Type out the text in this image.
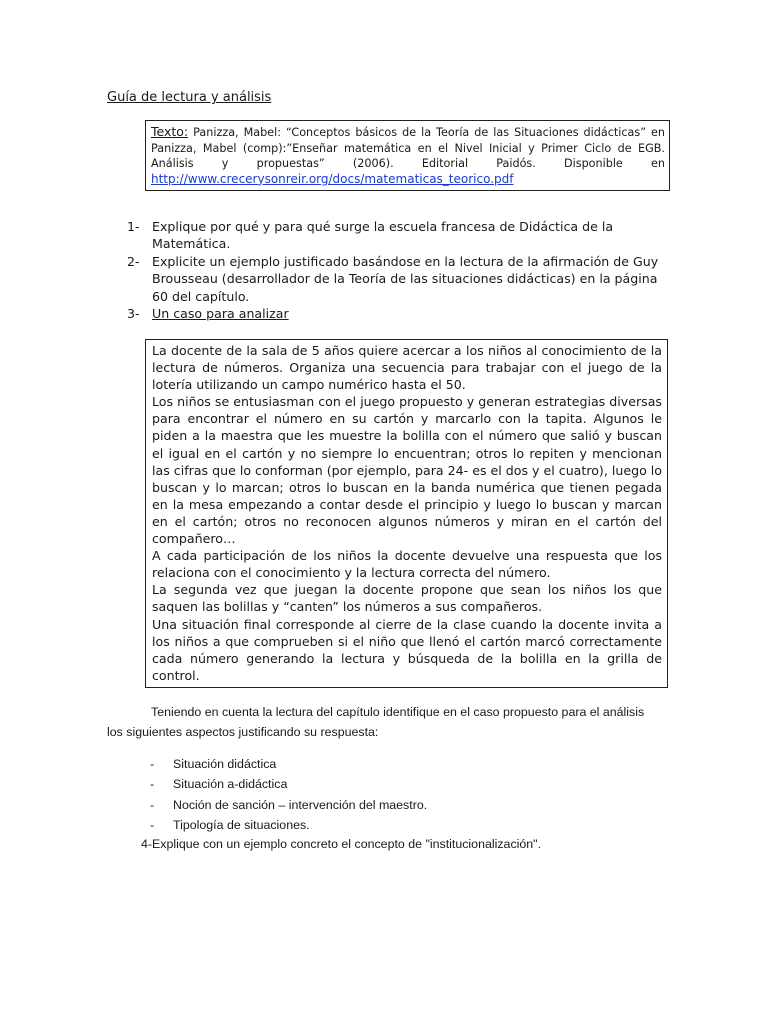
Guía de lectura y análisis

Texto: Panizza, Mabel: “Conceptos básicos de la Teoría de las Situaciones didácticas” en Panizza, Mabel (comp):”Enseñar matemática en el Nivel Inicial y Primer Ciclo de EGB. Análisis y propuestas” (2006). Editorial Paidós. Disponible en

http://www.crecerysonreir.org/docs/matematicas_teorico.pdf

1- Explique por qué y para qué surge la escuela francesa de Didáctica de la Matemática.
2- Explicite un ejemplo justificado basándose en la lectura de la afirmación de Guy Brousseau (desarrollador de la Teoría de las situaciones didácticas) en la página 60 del capítulo.
3- Un caso para analizar

La docente de la sala de 5 años quiere acercar a los niños al conocimiento de la lectura de números. Organiza una secuencia para trabajar con el juego de la lotería utilizando un campo numérico hasta el 50.

Los niños se entusiasman con el juego propuesto y generan estrategias diversas para encontrar el número en su cartón y marcarlo con la tapita. Algunos le piden a la maestra que les muestre la bolilla con el número que salió y buscan el igual en el cartón y no siempre lo encuentran; otros lo repiten y mencionan las cifras que lo conforman (por ejemplo, para 24- es el dos y el cuatro), luego lo buscan y lo marcan; otros lo buscan en la banda numérica que tienen pegada en la mesa empezando a contar desde el principio y luego lo buscan y marcan en el cartón; otros no reconocen algunos números y miran en el cartón del compañero…

A cada participación de los niños la docente devuelve una respuesta que los relaciona con el conocimiento y la lectura correcta del número.

La segunda vez que juegan la docente propone que sean los niños los que saquen las bolillas y “canten” los números a sus compañeros.

Una situación final corresponde al cierre de la clase cuando la docente invita a los niños a que comprueben si el niño que llenó el cartón marcó correctamente cada número generando la lectura y búsqueda de la bolilla en la grilla de control.

Teniendo en cuenta la lectura del capítulo identifique en el caso propuesto para el análisis los siguientes aspectos justificando su respuesta:
-	Situación didáctica
-	Situación a-didáctica
-	Noción de sanción – intervención del maestro.
-	Tipología de situaciones.
4- Explique con un ejemplo concreto el concepto de "institucionalización".
